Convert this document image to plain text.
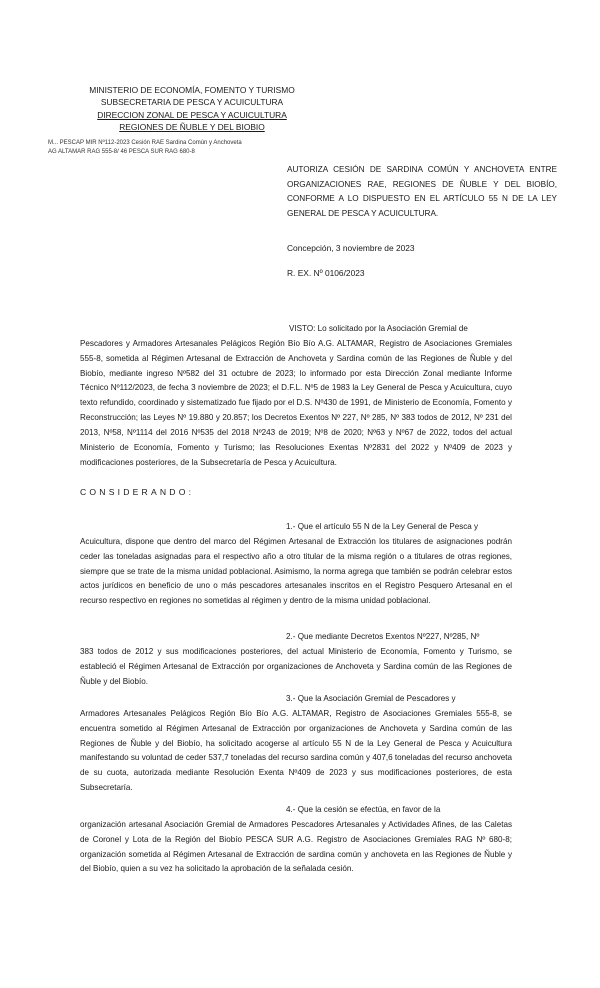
MINISTERIO DE ECONOMÍA, FOMENTO Y TURISMO
SUBSECRETARIA DE PESCA Y ACUICULTURA
DIRECCION ZONAL DE PESCA Y ACUICULTURA
REGIONES DE ÑUBLE Y DEL BIOBIO
M... PESCAP MIR Nº112-2023 Cesión RAE Sardina Común y Anchoveta
AG ALTAMAR RAG 555-8/ 46 PESCA SUR RAG 680-8
AUTORIZA CESIÓN DE SARDINA COMÚN Y ANCHOVETA ENTRE ORGANIZACIONES RAE, REGIONES DE ÑUBLE Y DEL BIOBÍO, CONFORME A LO DISPUESTO EN EL ARTÍCULO 55 N DE LA LEY GENERAL DE PESCA Y ACUICULTURA.
Concepción, 3 noviembre de 2023
R. EX. Nº 0106/2023
VISTO: Lo solicitado por la Asociación Gremial de
Pescadores y Armadores Artesanales Pelágicos Región Bío Bío A.G. ALTAMAR, Registro de Asociaciones Gremiales 555-8, sometida al Régimen Artesanal de Extracción de Anchoveta y Sardina común de las Regiones de Ñuble y del Biobío, mediante ingreso Nº582 del 31 octubre de 2023; lo informado por esta Dirección Zonal mediante Informe Técnico Nº112/2023, de fecha 3 noviembre de 2023; el D.F.L. Nº5 de 1983 la Ley General de Pesca y Acuicultura, cuyo texto refundido, coordinado y sistematizado fue fijado por el D.S. Nº430 de 1991, de Ministerio de Economía, Fomento y Reconstrucción; las Leyes Nº 19.880 y 20.857; los Decretos Exentos Nº 227, Nº 285, Nº 383 todos de 2012, Nº 231 del 2013, Nº58, Nº1114 del 2016 Nº535 del 2018 Nº243 de 2019; Nº8 de 2020; Nº63 y Nº67 de 2022, todos del actual Ministerio de Economía, Fomento y Turismo; las Resoluciones Exentas Nº2831 del 2022 y Nº409 de 2023 y modificaciones posteriores, de la Subsecretaría de Pesca y Acuicultura.
CONSIDERANDO:
1.- Que el artículo 55 N de la Ley General de Pesca y
Acuicultura, dispone que dentro del marco del Régimen Artesanal de Extracción los titulares de asignaciones podrán ceder las toneladas asignadas para el respectivo año a otro titular de la misma región o a titulares de otras regiones, siempre que se trate de la misma unidad poblacional. Asimismo, la norma agrega que también se podrán celebrar estos actos jurídicos en beneficio de uno o más pescadores artesanales inscritos en el Registro Pesquero Artesanal en el recurso respectivo en regiones no sometidas al régimen y dentro de la misma unidad poblacional.
2.- Que mediante Decretos Exentos Nº227, Nº285, Nº
383 todos de 2012 y sus modificaciones posteriores, del actual Ministerio de Economía, Fomento y Turismo, se estableció el Régimen Artesanal de Extracción por organizaciones de Anchoveta y Sardina común de las Regiones de Ñuble y del Biobío.
3.- Que la Asociación Gremial de Pescadores y
Armadores Artesanales Pelágicos Región Bío Bío A.G. ALTAMAR, Registro de Asociaciones Gremiales 555-8, se encuentra sometido al Régimen Artesanal de Extracción por organizaciones de Anchoveta y Sardina común de las Regiones de Ñuble y del Biobío, ha solicitado acogerse al artículo 55 N de la Ley General de Pesca y Acuicultura manifestando su voluntad de ceder 537,7 toneladas del recurso sardina común y 407,6 toneladas del recurso anchoveta de su cuota, autorizada mediante Resolución Exenta Nº409 de 2023 y sus modificaciones posteriores, de esta Subsecretaría.
4.- Que la cesión se efectúa, en favor de la
organización artesanal Asociación Gremial de Armadores Pescadores Artesanales y Actividades Afines, de las Caletas de Coronel y Lota de la Región del Biobío PESCA SUR A.G. Registro de Asociaciones Gremiales RAG Nº 680-8; organización sometida al Régimen Artesanal de Extracción de sardina común y anchoveta en las Regiones de Ñuble y del Biobío, quien a su vez ha solicitado la aprobación de la señalada cesión.
